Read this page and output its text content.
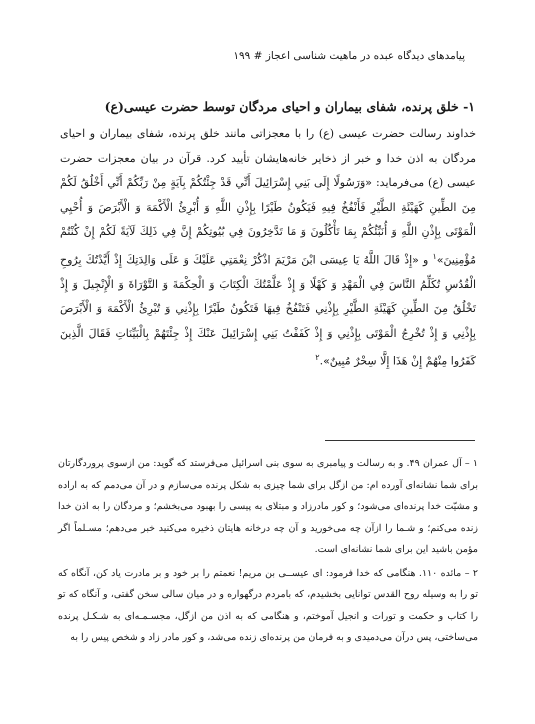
پیامدهای دیدگاه عبده در ماهیت شناسی اعجاز # ۱۹۹
۱- خلق پرنده، شفای بیماران و احیای مردگان توسط حضرت عیسی(ع)

خداوند رسالت حضرت عیسی (ع) را با معجزاتی مانند خلق پرنده، شفای بیماران و احیای مردگان به اذن خدا و خبر از ذخایر خانه‌هایشان تأیید کرد. قرآن در بیان معجزات حضرت عیسی (ع) می‌فرماید: «وَرَسُولًا إِلَى بَنِي إِسْرَائِيلَ أَنِّي قَدْ جِئْتُكُمْ بِآيَةٍ مِنْ رَبِّكُمْ أَنِّي أَخْلُقُ لَكُمْ مِنَ الطِّينِ كَهَيْئَةِ الطَّيْرِ فَأَنْفُخُ فِيهِ فَيَكُونُ طَيْرًا بِإِذْنِ اللَّهِ وَ أُبْرِئُ الْأَكْمَهَ وَ الْأَبْرَصَ وَ أُحْيِي الْمَوْتَى بِإِذْنِ اللَّهِ وَ أُنَبِّئُكُمْ بِمَا تَأْكُلُونَ وَ مَا تَدَّخِرُونَ فِي بُيُوتِكُمْ إِنَّ فِي ذَلِكَ لَآيَةً لَكُمْ إِنْ كُنْتُمْ مُؤْمِنِينَ»$^۱$ و «إِذْ قَالَ اللَّهُ يَا عِيسَى ابْنَ مَرْيَمَ اذْكُرْ نِعْمَتِي عَلَيْكَ وَ عَلَى وَالِدَتِكَ إِذْ أَيَّدْتُكَ بِرُوحِ الْقُدُسِ تُكَلِّمُ النَّاسَ فِي الْمَهْدِ وَ كَهْلًا وَ إِذْ عَلَّمْتُكَ الْكِتَابَ وَ الْحِكْمَةَ وَ التَّوْرَاةَ وَ الْإِنْجِيلَ وَ إِذْ تَخْلُقُ مِنَ الطِّينِ كَهَيْئَةِ الطَّيْرِ بِإِذْنِي فَتَنْفُخُ فِيهَا فَتَكُونُ طَيْرًا بِإِذْنِي وَ تُبْرِئُ الْأَكْمَهَ وَ الْأَبْرَصَ بِإِذْنِي وَ إِذْ تُخْرِجُ الْمَوْتَى بِإِذْنِي وَ إِذْ كَفَفْتُ بَنِي إِسْرَائِيلَ عَنْكَ إِذْ جِئْتَهُمْ بِالْبَيِّنَاتِ فَقَالَ الَّذِينَ كَفَرُوا مِنْهُمْ إِنْ هَذَا إِلَّا سِحْرٌ مُبِينٌ».$^۲$

۱ – آل عمران ۴۹. و به رسالت و پیامبری به سوی بنی اسرائیل می‌فرستد که گوید: من ازسوی پروردگارتان برای شما نشانه‌ای آورده ام: من ازگل برای شما چیزی به شکل پرنده می‌سازم و در آن می‌دمم که به اراده و مشیّت خدا پرنده‌ای می‌شود؛ و کور مادرزاد و مبتلای به پیسی را بهبود می‌بخشم؛ و مردگان را به اذن خدا زنده می‌کنم؛ و شـما را ازآن چه می‌خورید و آن چه درخانه هایتان ذخیره می‌کنید خبر می‌دهم؛ مسـلماً اگر مؤمن باشید این برای شما نشانه‌ای است.

۲ – مائده ۱۱۰. هنگامی که خدا فرمود: ای عیســی بن مریم! نعمتم را بر خود و بر مادرت یاد کن، آنگاه که تو را به وسیله روح القدس توانایی بخشیدم، که بامردم درگهواره و در میان سالی سخن گفتی، و آنگاه که تو را کتاب و حکمت و تورات و انجیل آموختم، و هنگامی که به اذن من ازگل، مجسـمـه‌ای به شـکـل پرنده می‌ساختی، پس درآن می‌دمیدی و به فرمان من پرنده‌ای زنده می‌شد، و کور مادر زاد و شخص پیس را به
